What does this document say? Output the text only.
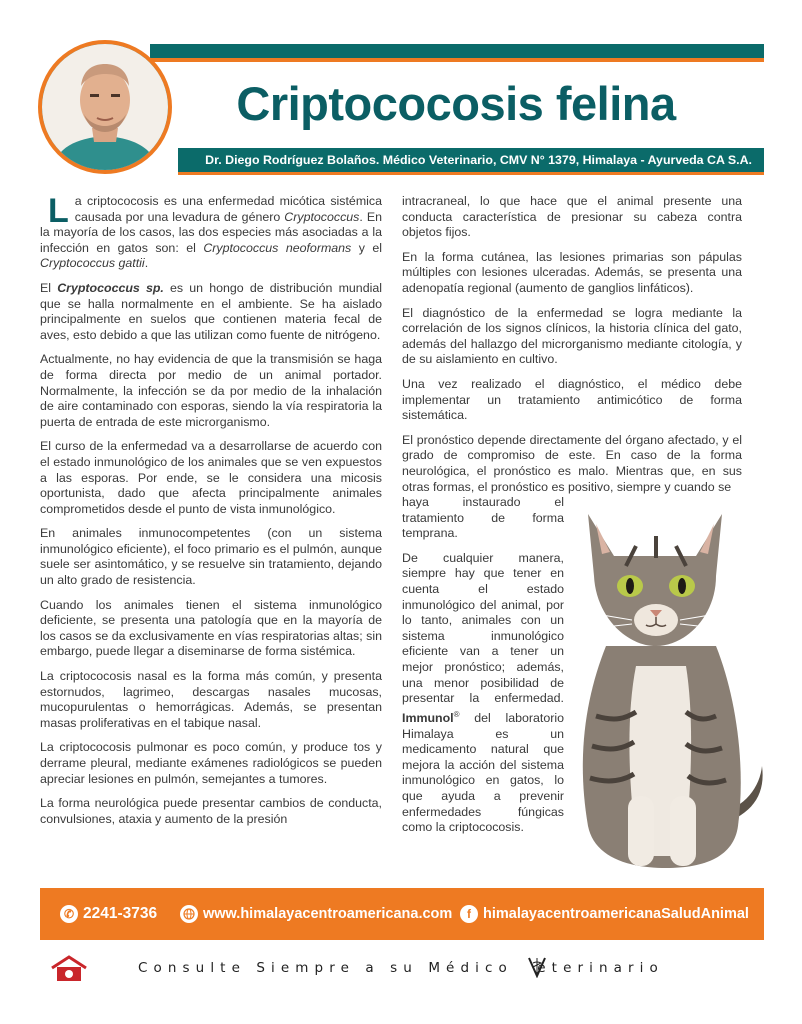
Criptococosis felina
Dr. Diego Rodríguez Bolaños. Médico Veterinario, CMV N° 1379, Himalaya - Ayurveda CA S.A.

La criptococosis es una enfermedad micótica sistémica causada por una levadura de género Cryptococcus. En la mayoría de los casos, las dos especies más asociadas a la infección en gatos son: el Cryptococcus neoformans y el Cryptococcus gattii.

El Cryptococcus sp. es un hongo de distribución mundial que se halla normalmente en el ambiente. Se ha aislado principalmente en suelos que contienen materia fecal de aves, esto debido a que las utilizan como fuente de nitrógeno.

Actualmente, no hay evidencia de que la transmisión se haga de forma directa por medio de un animal portador. Normalmente, la infección se da por medio de la inhalación de aire contaminado con esporas, siendo la vía respiratoria la puerta de entrada de este microrganismo.

El curso de la enfermedad va a desarrollarse de acuerdo con el estado inmunológico de los animales que se ven expuestos a las esporas. Por ende, se le considera una micosis oportunista, dado que afecta principalmente animales comprometidos desde el punto de vista inmunológico.

En animales inmunocompetentes (con un sistema inmunológico eficiente), el foco primario es el pulmón, aunque suele ser asintomático, y se resuelve sin tratamiento, dejando un alto grado de resistencia.

Cuando los animales tienen el sistema inmunológico deficiente, se presenta una patología que en la mayoría de los casos se da exclusivamente en vías respiratorias altas; sin embargo, puede llegar a diseminarse de forma sistémica.

La criptococosis nasal es la forma más común, y presenta estornudos, lagrimeo, descargas nasales mucosas, mucopurulentas o hemorrágicas. Además, se presentan masas proliferativas en el tabique nasal.

La criptococosis pulmonar es poco común, y produce tos y derrame pleural, mediante exámenes radiológicos se pueden apreciar lesiones en pulmón, semejantes a tumores.

La forma neurológica puede presentar cambios de conducta, convulsiones, ataxia y aumento de la presión

intracraneal, lo que hace que el animal presente una conducta característica de presionar su cabeza contra objetos fijos.

En la forma cutánea, las lesiones primarias son pápulas múltiples con lesiones ulceradas. Además, se presenta una adenopatía regional (aumento de ganglios linfáticos).

El diagnóstico de la enfermedad se logra mediante la correlación de los signos clínicos, la historia clínica del gato, además del hallazgo del microrganismo mediante citología, y de su aislamiento en cultivo.

Una vez realizado el diagnóstico, el médico debe implementar un tratamiento antimicótico de forma sistemática.

El pronóstico depende directamente del órgano afectado, y el grado de compromiso de este. En caso de la forma neurológica, el pronóstico es malo. Mientras que, en sus otras formas, el pronóstico es positivo, siempre y cuando se

haya instaurado el tratamiento de forma temprana.

De cualquier manera, siempre hay que tener en cuenta el estado inmunológico del animal, por lo tanto, animales con un sistema inmunológico eficiente van a tener un mejor pronóstico; además, una menor posibilidad de presentar la enfermedad. Immunol® del laboratorio Himalaya es un medicamento natural que mejora la acción del sistema inmunológico en gatos, lo que ayuda a prevenir enfermedades fúngicas como la criptococosis.

✆ 2241-3736	www.himalayacentroamericana.com	f himalayacentroamericanaSaludAnimal
Consulte Siempre a su Médico eterinario
